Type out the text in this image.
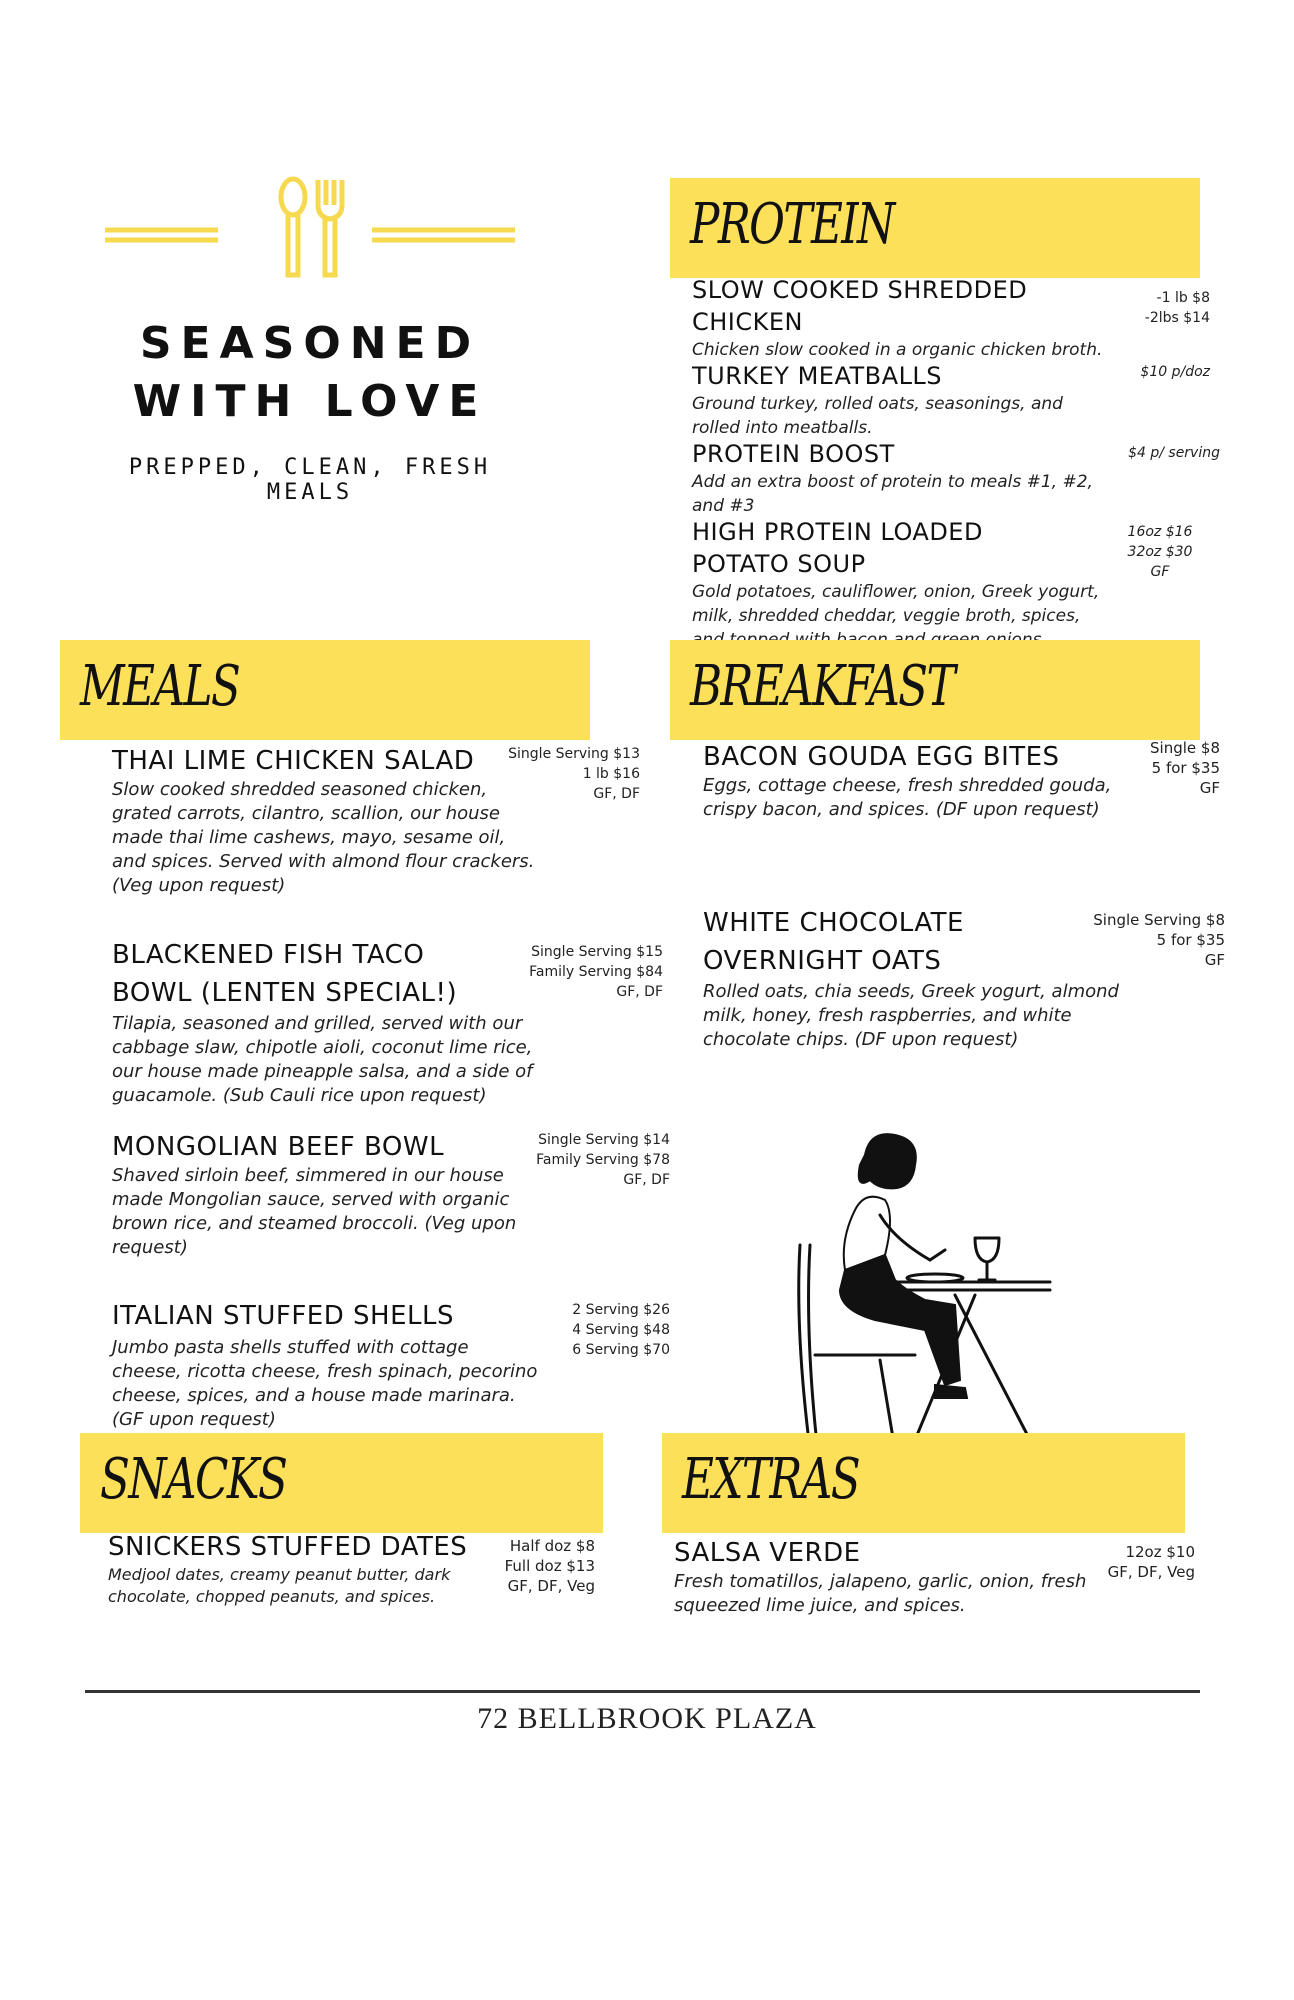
SEASONED WITH LOVE
PREPPED, CLEAN, FRESH MEALS
PROTEIN
SLOW COOKED SHREDDED CHICKEN
Chicken slow cooked in a organic chicken broth.
-1 lb $8
-2lbs $14
TURKEY MEATBALLS
Ground turkey, rolled oats, seasonings, and rolled into meatballs.
$10 p/doz
PROTEIN BOOST
Add an extra boost of protein to meals #1, #2, and #3
$4 p/ serving
HIGH PROTEIN LOADED POTATO SOUP
Gold potatoes, cauliflower, onion, Greek yogurt, milk, shredded cheddar, veggie broth, spices,
16oz $16
32oz $30
GF
MEALS
THAI LIME CHICKEN SALAD
Slow cooked shredded seasoned chicken, grated carrots, cilantro, scallion, our house made thai lime cashews, mayo, sesame oil, and spices. Served with almond flour crackers. (Veg upon request)
Single Serving $13
1 lb $16
GF, DF
BLACKENED FISH TACO BOWL (LENTEN SPECIAL!)
Tilapia, seasoned and grilled, served with our cabbage slaw, chipotle aioli, coconut lime rice, our house made pineapple salsa, and a side of guacamole. (Sub Cauli rice upon request)
Single Serving $15
Family Serving $84
GF, DF
MONGOLIAN BEEF BOWL
Shaved sirloin beef, simmered in our house made Mongolian sauce, served with organic brown rice, and steamed broccoli. (Veg upon request)
Single Serving $14
Family Serving $78
GF, DF
ITALIAN STUFFED SHELLS
Jumbo pasta shells stuffed with cottage cheese, ricotta cheese, fresh spinach, pecorino cheese, spices, and a house made marinara. (GF upon request)
2 Serving $26
4 Serving $48
6 Serving $70
BREAKFAST
BACON GOUDA EGG BITES
Eggs, cottage cheese, fresh shredded gouda, crispy bacon, and spices. (DF upon request)
Single $8
5 for $35
GF
WHITE CHOCOLATE OVERNIGHT OATS
Rolled oats, chia seeds, Greek yogurt, almond milk, honey, fresh raspberries, and white chocolate chips. (DF upon request)
Single Serving $8
5 for $35
GF
SNACKS
SNICKERS STUFFED DATES
Medjool dates, creamy peanut butter, dark chocolate, chopped peanuts, and spices.
Half doz $8
Full doz $13
GF, DF, Veg
EXTRAS
SALSA VERDE
Fresh tomatillos, jalapeno, garlic, onion, fresh squeezed lime juice, and spices.
12oz $10
GF, DF, Veg
72 BELLBROOK PLAZA
